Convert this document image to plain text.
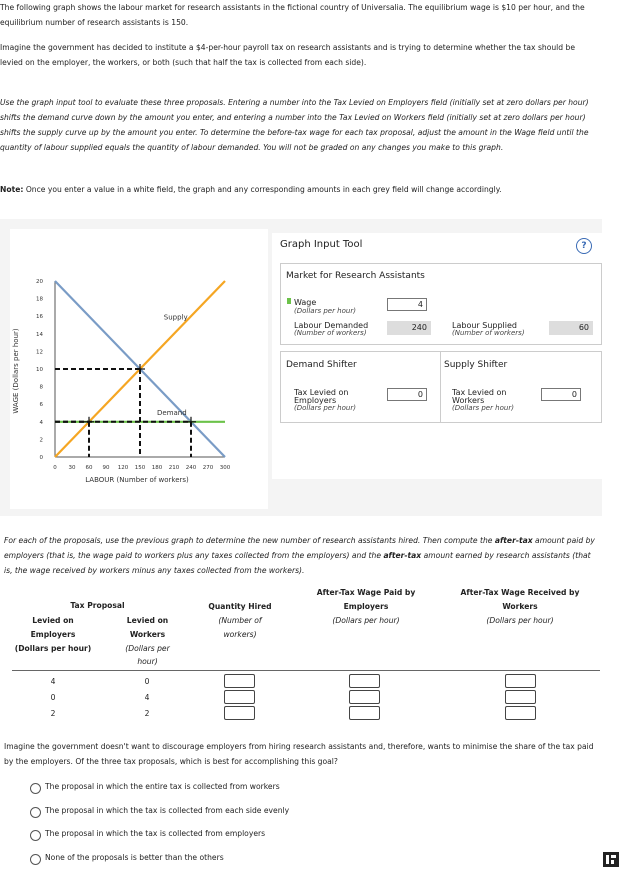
The following graph shows the labour market for research assistants in the fictional country of Universalia. The equilibrium wage is $10 per hour, and the equilibrium number of research assistants is 150.

Imagine the government has decided to institute a $4-per-hour payroll tax on research assistants and is trying to determine whether the tax should be levied on the employer, the workers, or both (such that half the tax is collected from each side).

Use the graph input tool to evaluate these three proposals. Entering a number into the Tax Levied on Employers field (initially set at zero dollars per hour) shifts the demand curve down by the amount you enter, and entering a number into the Tax Levied on Workers field (initially set at zero dollars per hour) shifts the supply curve up by the amount you enter. To determine the before-tax wage for each tax proposal, adjust the amount in the Wage field until the quantity of labour supplied equals the quantity of labour demanded. You will not be graded on any changes you make to this graph.

Note: Once you enter a value in a white field, the graph and any corresponding amounts in each grey field will change accordingly.

WAGE (Dollars per hour)
LABOUR (Number of workers)
0
2
4
6
8
10
12
14
16
18
20
0 30 60 90 120 150 180 210 240 270 300
Supply
Demand
Graph Input Tool	?
Market for Research Assistants
Wage
(Dollars per hour)
4
Labour Demanded
(Number of workers)
240	Labour Supplied
(Number of workers)
60
Demand Shifter
Tax Levied on
Employers
(Dollars per hour)
0
Supply Shifter
Tax Levied on
Workers
(Dollars per hour)
0

For each of the proposals, use the previous graph to determine the new number of research assistants hired. Then compute the after-tax amount paid by employers (that is, the wage paid to workers plus any taxes collected from the employers) and the after-tax amount earned by research assistants (that is, the wage received by workers minus any taxes collected from the workers).

Tax Proposal
Levied on
Employers
(Dollars per hour)
Levied on
Workers
(Dollars per
hour)
Quantity Hired
(Number of
workers)
After-Tax Wage Paid by
Employers
(Dollars per hour)
After-Tax Wage Received by
Workers
(Dollars per hour)
4	0
0	4
2	2

Imagine the government doesn't want to discourage employers from hiring research assistants and, therefore, wants to minimise the share of the tax paid by the employers. Of the three tax proposals, which is best for accomplishing this goal?

The proposal in which the entire tax is collected from workers
The proposal in which the tax is collected from each side evenly
The proposal in which the tax is collected from employers
None of the proposals is better than the others
